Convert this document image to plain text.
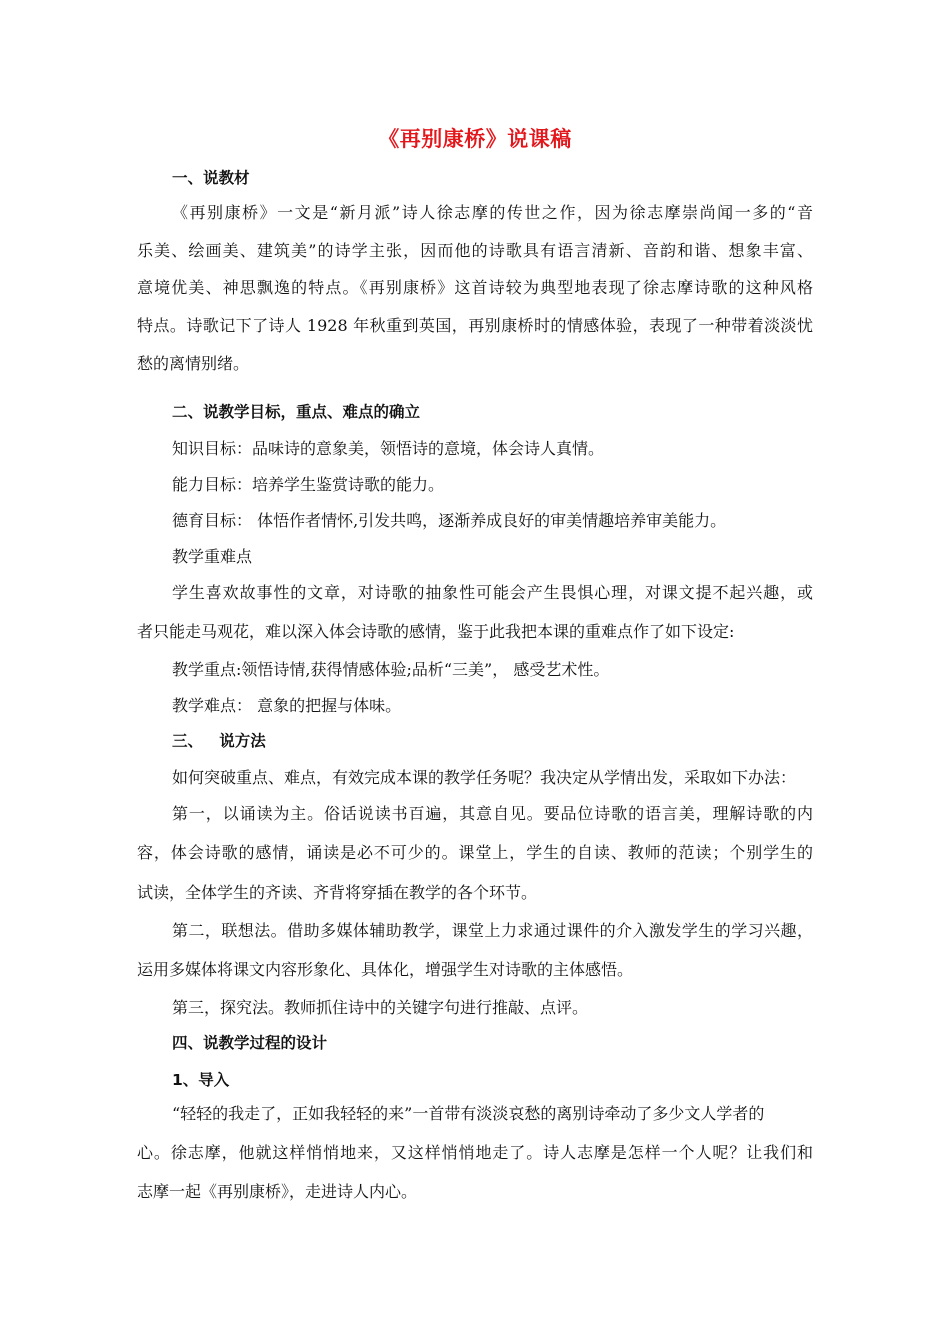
《再别康桥》说课稿
一、说教材
《再别康桥》一文是“新月派”诗人徐志摩的传世之作，因为徐志摩崇尚闻一多的“音
乐美、绘画美、建筑美”的诗学主张，因而他的诗歌具有语言清新、音韵和谐、想象丰富、
意境优美、神思飘逸的特点。《再别康桥》这首诗较为典型地表现了徐志摩诗歌的这种风格
特点。诗歌记下了诗人 1928 年秋重到英国，再别康桥时的情感体验，表现了一种带着淡淡忧
愁的离情别绪。
二、说教学目标，重点、难点的确立
知识目标：品味诗的意象美，领悟诗的意境，体会诗人真情。
能力目标：培养学生鉴赏诗歌的能力。
德育目标： 体悟作者情怀,引发共鸣，逐渐养成良好的审美情趣培养审美能力。
教学重难点
学生喜欢故事性的文章，对诗歌的抽象性可能会产生畏惧心理，对课文提不起兴趣，或
者只能走马观花，难以深入体会诗歌的感情，鉴于此我把本课的重难点作了如下设定:
教学重点:领悟诗情,获得情感体验;品析“三美”， 感受艺术性。
教学难点： 意象的把握与体味。
三、   说方法
如何突破重点、难点，有效完成本课的教学任务呢？我决定从学情出发，采取如下办法：
第一，以诵读为主。俗话说读书百遍，其意自见。要品位诗歌的语言美，理解诗歌的内
容，体会诗歌的感情，诵读是必不可少的。课堂上，学生的自读、教师的范读；个别学生的
试读，全体学生的齐读、齐背将穿插在教学的各个环节。
第二，联想法。借助多媒体辅助教学，课堂上力求通过课件的介入激发学生的学习兴趣，
运用多媒体将课文内容形象化、具体化，增强学生对诗歌的主体感悟。
第三，探究法。教师抓住诗中的关键字句进行推敲、点评。
四、说教学过程的设计
1、导入
“轻轻的我走了，正如我轻轻的来”一首带有淡淡哀愁的离别诗牵动了多少文人学者的
心。徐志摩，他就这样悄悄地来，又这样悄悄地走了。诗人志摩是怎样一个人呢？让我们和
志摩一起《再别康桥》，走进诗人内心。
